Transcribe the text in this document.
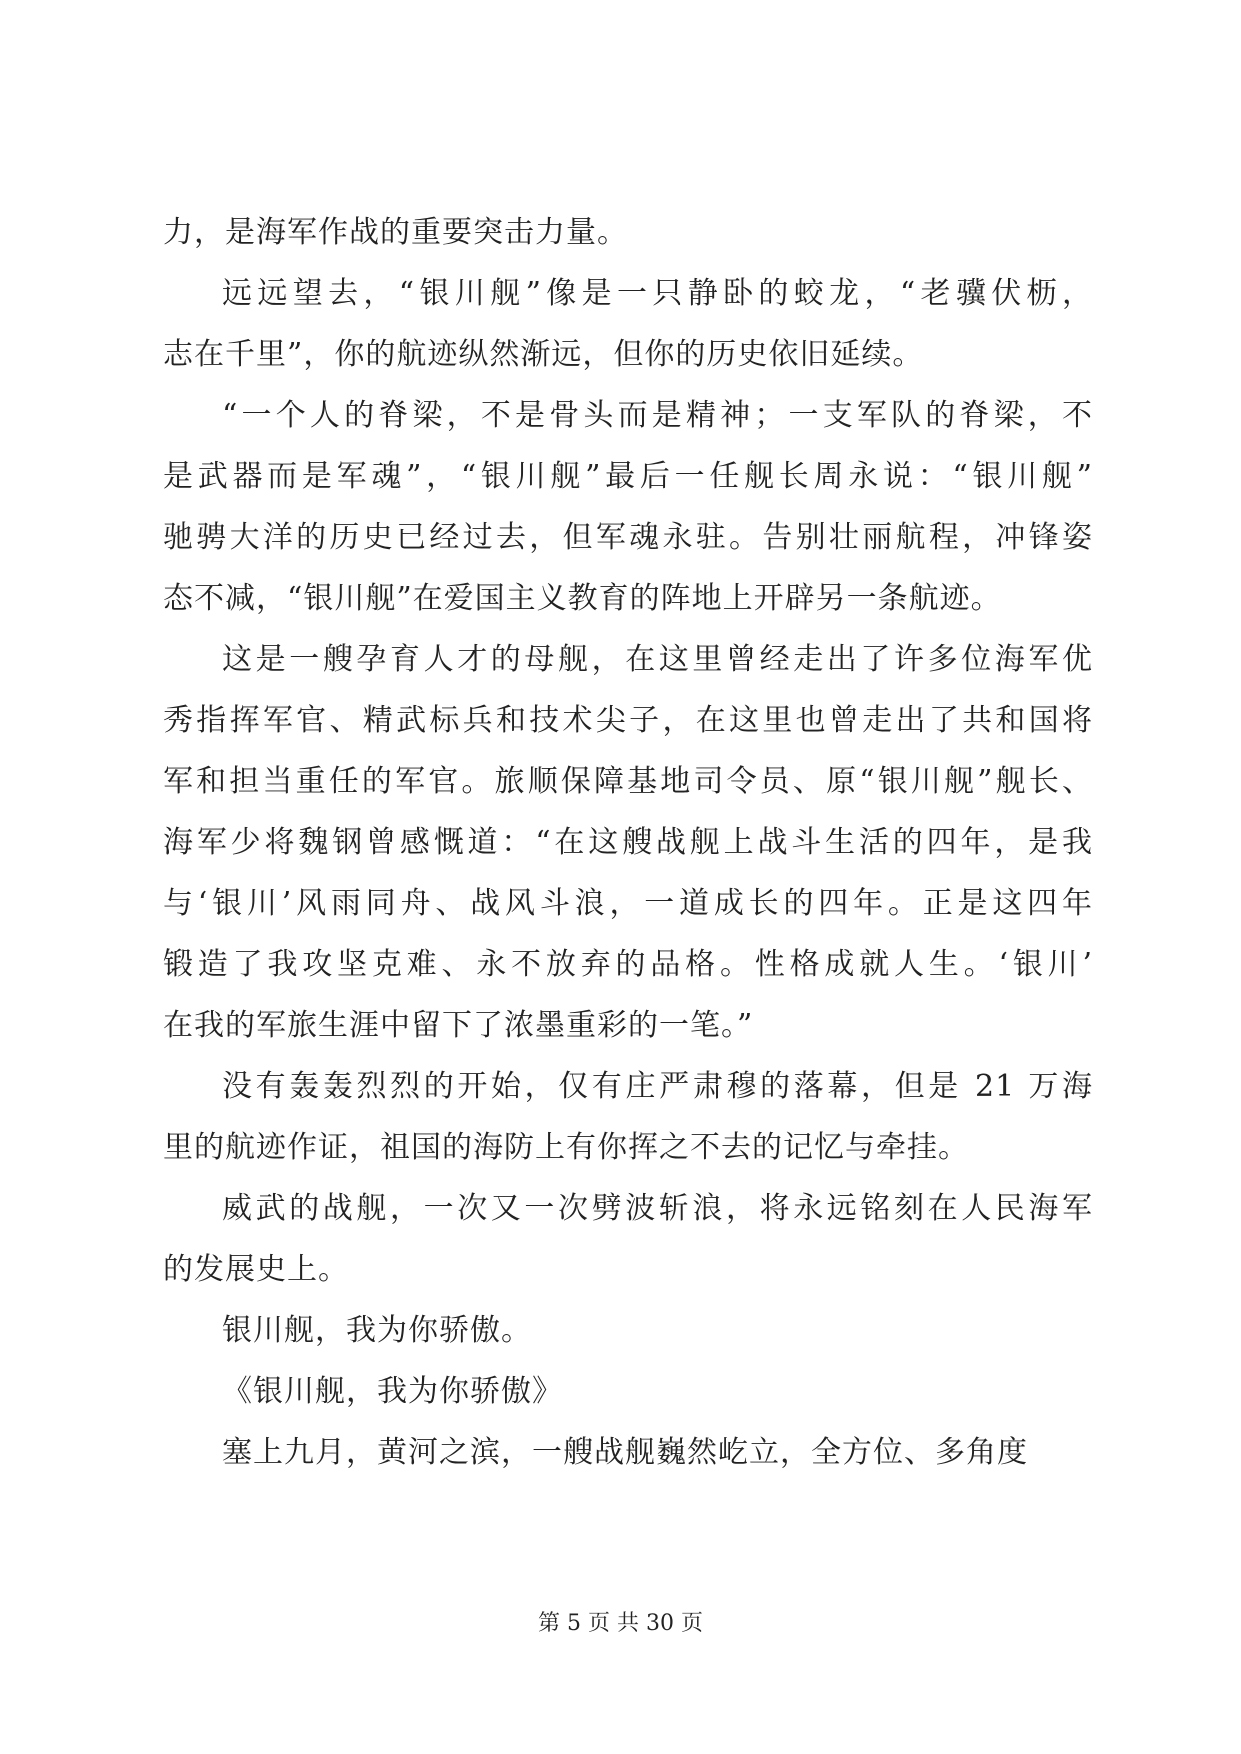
力，是海军作战的重要突击力量。
远远望去，“银川舰”像是一只静卧的蛟龙，“老骥伏枥，
志在千里”，你的航迹纵然渐远，但你的历史依旧延续。
“一个人的脊梁，不是骨头而是精神；一支军队的脊梁，不
是武器而是军魂”，“银川舰”最后一任舰长周永说：“银川舰”
驰骋大洋的历史已经过去，但军魂永驻。告别壮丽航程，冲锋姿
态不减，“银川舰”在爱国主义教育的阵地上开辟另一条航迹。
这是一艘孕育人才的母舰，在这里曾经走出了许多位海军优
秀指挥军官、精武标兵和技术尖子，在这里也曾走出了共和国将
军和担当重任的军官。旅顺保障基地司令员、原“银川舰”舰长、
海军少将魏钢曾感慨道：“在这艘战舰上战斗生活的四年，是我
与‘银川’风雨同舟、战风斗浪，一道成长的四年。正是这四年
锻造了我攻坚克难、永不放弃的品格。性格成就人生。‘银川’
在我的军旅生涯中留下了浓墨重彩的一笔。”
没有轰轰烈烈的开始，仅有庄严肃穆的落幕，但是 21 万海
里的航迹作证，祖国的海防上有你挥之不去的记忆与牵挂。
威武的战舰，一次又一次劈波斩浪，将永远铭刻在人民海军
的发展史上。
银川舰，我为你骄傲。
《银川舰，我为你骄傲》
塞上九月，黄河之滨，一艘战舰巍然屹立，全方位、多角度
第 5 页 共 30 页
